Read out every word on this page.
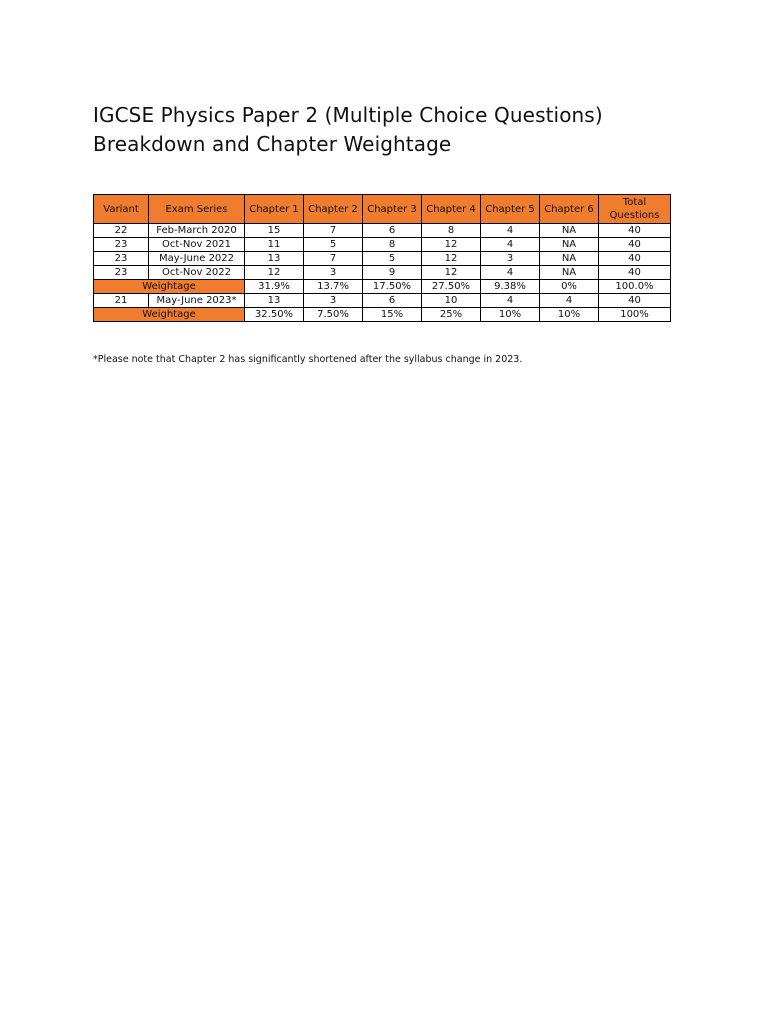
IGCSE Physics Paper 2 (Multiple Choice Questions)
Breakdown and Chapter Weightage
Variant	Exam Series	Chapter 1	Chapter 2	Chapter 3	Chapter 4	Chapter 5	Chapter 6	Total Questions
22	Feb-March 2020	15	7	6	8	4	NA	40
23	Oct-Nov 2021	11	5	8	12	4	NA	40
23	May-June 2022	13	7	5	12	3	NA	40
23	Oct-Nov 2022	12	3	9	12	4	NA	40
Weightage		31.9%	13.7%	17.50%	27.50%	9.38%	0%	100.0%
21	May-June 2023*	13	3	6	10	4	4	40
Weightage		32.50%	7.50%	15%	25%	10%	10%	100%

*Please note that Chapter 2 has significantly shortened after the syllabus change in 2023.
